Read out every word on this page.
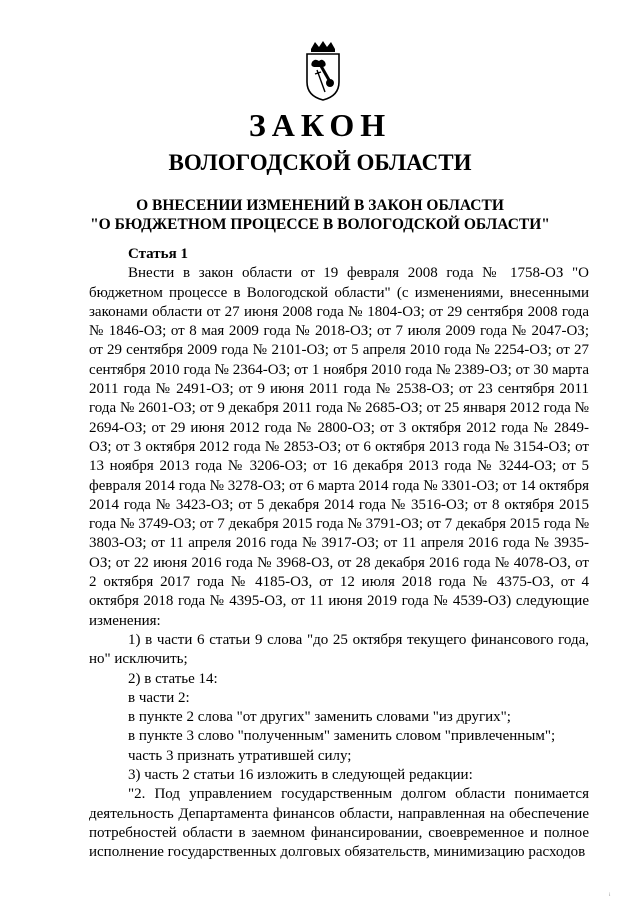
ЗАКОН
ВОЛОГОДСКОЙ ОБЛАСТИ
О ВНЕСЕНИИ ИЗМЕНЕНИЙ В ЗАКОН ОБЛАСТИ
"О БЮДЖЕТНОМ ПРОЦЕССЕ В ВОЛОГОДСКОЙ ОБЛАСТИ"
Статья 1
Внести в закон области от 19 февраля 2008 года № 1758-ОЗ "О бюджетном процессе в Вологодской области" (с изменениями, внесенными законами области от 27 июня 2008 года № 1804-ОЗ; от 29 сентября 2008 года № 1846-ОЗ; от 8 мая 2009 года № 2018-ОЗ; от 7 июля 2009 года № 2047-ОЗ; от 29 сентября 2009 года № 2101-ОЗ; от 5 апреля 2010 года № 2254-ОЗ; от 27 сентября 2010 года № 2364-ОЗ; от 1 ноября 2010 года № 2389-ОЗ; от 30 марта 2011 года № 2491-ОЗ; от 9 июня 2011 года № 2538-ОЗ; от 23 сентября 2011 года № 2601-ОЗ; от 9 декабря 2011 года № 2685-ОЗ; от 25 января 2012 года № 2694-ОЗ; от 29 июня 2012 года № 2800-ОЗ; от 3 октября 2012 года № 2849-ОЗ; от 3 октября 2012 года № 2853-ОЗ; от 6 октября 2013 года № 3154-ОЗ; от 13 ноября 2013 года № 3206-ОЗ; от 16 декабря 2013 года № 3244-ОЗ; от 5 февраля 2014 года № 3278-ОЗ; от 6 марта 2014 года № 3301-ОЗ; от 14 октября 2014 года № 3423-ОЗ; от 5 декабря 2014 года № 3516-ОЗ; от 8 октября 2015 года № 3749-ОЗ; от 7 декабря 2015 года № 3791-ОЗ; от 7 декабря 2015 года № 3803-ОЗ; от 11 апреля 2016 года № 3917-ОЗ; от 11 апреля 2016 года № 3935-ОЗ; от 22 июня 2016 года № 3968-ОЗ, от 28 декабря 2016 года № 4078-ОЗ, от 2 октября 2017 года № 4185-ОЗ, от 12 июля 2018 года № 4375-ОЗ, от 4 октября 2018 года № 4395-ОЗ, от 11 июня 2019 года № 4539-ОЗ) следующие изменения:
1) в части 6 статьи 9 слова "до 25 октября текущего финансового года, но" исключить;
2) в статье 14:
в части 2:
в пункте 2 слова "от других" заменить словами "из других";
в пункте 3 слово "полученным" заменить словом "привлеченным";
часть 3 признать утратившей силу;
3) часть 2 статьи 16 изложить в следующей редакции:
"2. Под управлением государственным долгом области понимается деятельность Департамента финансов области, направленная на обеспечение потребностей области в заемном финансировании, своевременное и полное исполнение государственных долговых обязательств, минимизацию расходов
i
